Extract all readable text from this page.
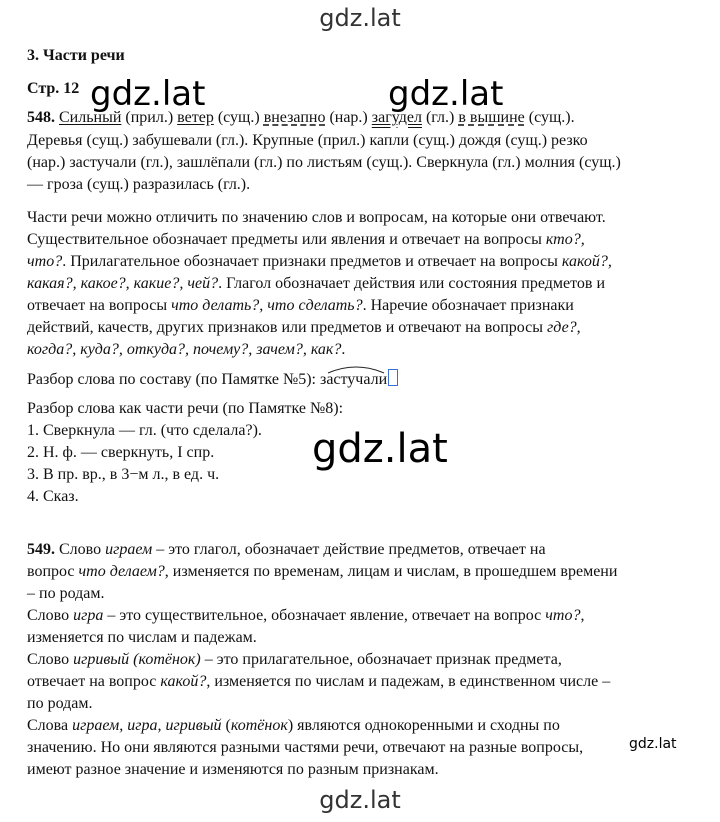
gdz.lat
3. Части речи
Стр. 12
548. Сильный (прил.) ветер (сущ.) внезапно (нар.) загудел (гл.) в вышине (сущ.).
Деревья (сущ.) забушевали (гл.). Крупные (прил.) капли (сущ.) дождя (сущ.) резко
(нар.) застучали (гл.), зашлёпали (гл.) по листьям (сущ.). Сверкнула (гл.) молния (сущ.)
— гроза (сущ.) разразилась (гл.).
Части речи можно отличить по значению слов и вопросам, на которые они отвечают.
Существительное обозначает предметы или явления и отвечает на вопросы кто?,
что?. Прилагательное обозначает признаки предметов и отвечает на вопросы какой?,
какая?, какое?, какие?, чей?. Глагол обозначает действия или состояния предметов и
отвечает на вопросы что делать?, что сделать?. Наречие обозначает признаки
действий, качеств, других признаков или предметов и отвечают на вопросы где?,
когда?, куда?, откуда?, почему?, зачем?, как?.
Разбор слова по составу (по Памятке №5):
застучали
Разбор слова как части речи (по Памятке №8):
1. Сверкнула — гл. (что сделала?).
2. Н. ф. — сверкнуть, I спр.
3. В пр. вр., в 3−м л., в ед. ч.
4. Сказ.
549. Слово играем – это глагол, обозначает действие предметов, отвечает на
вопрос что делаем?, изменяется по временам, лицам и числам, в прошедшем времени
– по родам.
Слово игра – это существительное, обозначает явление, отвечает на вопрос что?,
изменяется по числам и падежам.
Слово игривый (котёнок) – это прилагательное, обозначает признак предмета,
отвечает на вопрос какой?, изменяется по числам и падежам, в единственном числе –
по родам.
Слова играем, игра, игривый (котёнок) являются однокоренными и сходны по
значению. Но они являются разными частями речи, отвечают на разные вопросы,
имеют разное значение и изменяются по разным признакам.
gdz.lat	gdz.lat
gdz.lat
gdz.lat
gdz.lat
